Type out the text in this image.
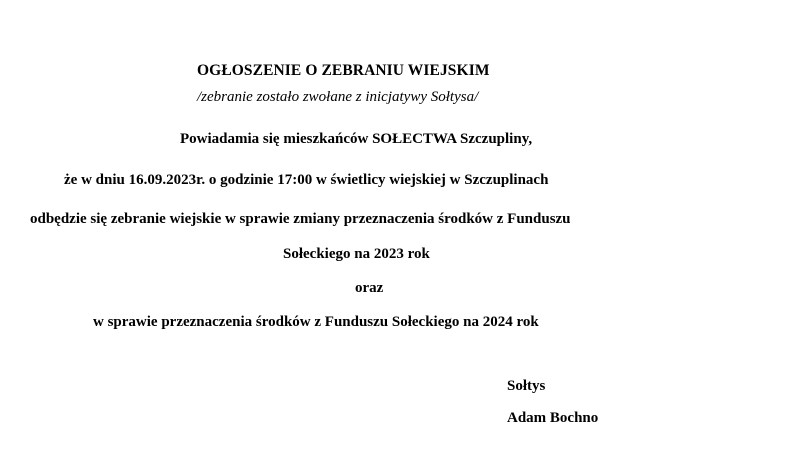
OGŁOSZENIE O ZEBRANIU WIEJSKIM
/zebranie zostało zwołane z inicjatywy Sołtysa/
Powiadamia się mieszkańców SOŁECTWA Szczupliny,
że w dniu 16.09.2023r. o godzinie 17:00 w świetlicy wiejskiej w Szczuplinach
odbędzie się zebranie wiejskie w sprawie zmiany przeznaczenia środków z Funduszu
Sołeckiego na 2023 rok
oraz
w sprawie przeznaczenia środków z Funduszu Sołeckiego na 2024 rok
Sołtys
Adam Bochno
